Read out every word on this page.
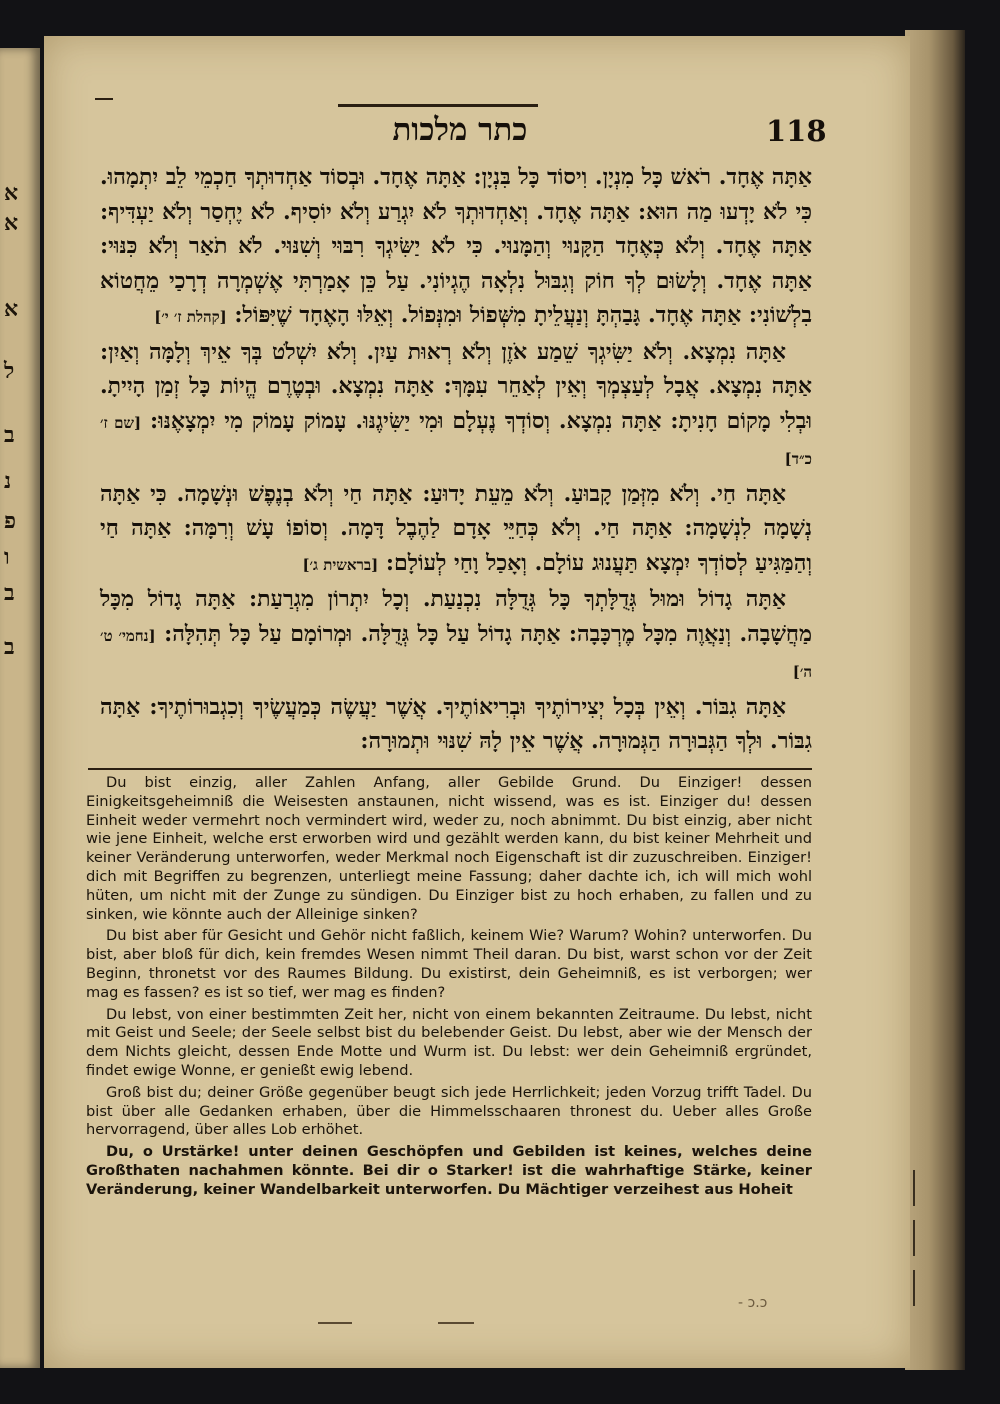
א
א
א
ל
ב
נ
פ
ו
ב
ב
כתר מלכות	118

אַתָּה אֶחָד. רֹאשׁ כָּל מִנְיָן. וִיסוֹד כָּל בִּנְיָן: אַתָּה אֶחָד. וּבְסוֹד אַחְדוּתְךָ חַכְמֵי לֵב יִתְמָהוּ. כִּי לֹא יָדְעוּ מַה הוּא: אַתָּה אֶחָד. וְאַחְדוּתְךָ לֹא יִגְרַע וְלֹא יוֹסִיף. לֹא יֶחְסַר וְלֹא יַעְדִּיף: אַתָּה אֶחָד. וְלֹא כְּאֶחָד הַקָּנוּי וְהַמָּנוּי. כִּי לֹא יַשִּׂיגְךָ רִבּוּי וְשִׁנּוּי. לֹא תֹאַר וְלֹא כִּנּוּי: אַתָּה אֶחָד. וְלָשׂוּם לְךָ חוֹק וְגִבּוּל נִלְאָה הֶגְיוֹנִי. עַל כֵּן אָמַרְתִּי אֶשְׁמְרָה דְרָכַי מֵחֲטוֹא בִלְשׁוֹנִי: אַתָּה אֶחָד. גָּבַהְתָּ וְנַעֲלֵיתָ מִשְּׁפוֹל וּמִנְּפוֹל. וְאֵלּוּ הָאֶחָד שֶׁיִּפּוֹל: [קהלת ז׳ י׳]

אַתָּה נִמְצָא. וְלֹא יַשִּׂיגְךָ שֵׁמַע אֹזֶן וְלֹא רְאוּת עַיִן. וְלֹא יִשְׁלֹט בְּךָ אֵיךְ וְלָמָּה וְאַיִן: אַתָּה נִמְצָא. אֲבָל לְעַצְמְךָ וְאֵין לְאַחֵר עִמָּךְ: אַתָּה נִמְצָא. וּבְטֶרֶם הֱיוֹת כָּל זְמַן הָיִיתָ. וּבְלִי מָקוֹם חָנִיתָ: אַתָּה נִמְצָא. וְסוֹדְךָ נֶעְלָם וּמִי יַשִּׂיגֶנּוּ. עָמוֹק עָמוֹק מִי יִמְצָאֶנּוּ: [שם ז׳ כ״ד]

אַתָּה חַי. וְלֹא מִזְּמַן קָבוּעַ. וְלֹא מֵעֵת יָדוּעַ: אַתָּה חַי וְלֹא בְנֶפֶשׁ וּנְשָׁמָה. כִּי אַתָּה נְשָׁמָה לִנְשָׁמָה: אַתָּה חַי. וְלֹא כְּחַיֵּי אָדָם לַהֶבֶל דָּמָה. וְסוֹפוֹ עָשׁ וְרִמָּה: אַתָּה חַי וְהַמַּגִּיעַ לְסוֹדְךָ יִמְצָא תַּעֲנוּג עוֹלָם. וְאָכַל וָחַי לְעוֹלָם: [בראשית ג׳]

אַתָּה גָדוֹל וּמוּל גְּדֻלָּתְךָ כָּל גְּדֻלָּה נִכְנַעַת. וְכָל יִתְרוֹן מִגְרַעַת: אַתָּה גָדוֹל מִכָּל מַחֲשָׁבָה. וְנַאֲוֶה מִכָּל מֶרְכָּבָה: אַתָּה גָדוֹל עַל כָּל גְּדֻלָּה. וּמְרוֹמָם עַל כָּל תְּהִלָּה: [נחמי׳ ט׳ ה׳]

אַתָּה גִבּוֹר. וְאֵין בְּכָל יְצִירוֹתֶיךָ וּבְרִיאוֹתֶיךָ. אֲשֶׁר יַעֲשֶׂה כְּמַעֲשֶׂיךָ וְכִגְבוּרוֹתֶיךָ: אַתָּה גִבּוֹר. וּלְךָ הַגְּבוּרָה הַגְּמוּרָה. אֲשֶׁר אֵין לָהּ שִׁנּוּי וּתְמוּרָה:

Du bist einzig, aller Zahlen Anfang, aller Gebilde Grund. Du Einziger! dessen Einigkeitsgeheimniß die Weisesten anstaunen, nicht wissend, was es ist. Einziger du! dessen Einheit weder vermehrt noch vermindert wird, weder zu, noch abnimmt. Du bist einzig, aber nicht wie jene Einheit, welche erst erworben wird und gezählt werden kann, du bist keiner Mehrheit und keiner Veränderung unterworfen, weder Merkmal noch Eigenschaft ist dir zuzuschreiben. Einziger! dich mit Begriffen zu begrenzen, unterliegt meine Fassung; daher dachte ich, ich will mich wohl hüten, um nicht mit der Zunge zu sündigen. Du Einziger bist zu hoch erhaben, zu fallen und zu sinken, wie könnte auch der Alleinige sinken?

Du bist aber für Gesicht und Gehör nicht faßlich, keinem Wie? Warum? Wohin? unterworfen. Du bist, aber bloß für dich, kein fremdes Wesen nimmt Theil daran. Du bist, warst schon vor der Zeit Beginn, thronetst vor des Raumes Bildung. Du existirst, dein Geheimniß, es ist verborgen; wer mag es fassen? es ist so tief, wer mag es finden?

Du lebst, von einer bestimmten Zeit her, nicht von einem bekannten Zeitraume. Du lebst, nicht mit Geist und Seele; der Seele selbst bist du belebender Geist. Du lebst, aber wie der Mensch der dem Nichts gleicht, dessen Ende Motte und Wurm ist. Du lebst: wer dein Geheimniß ergründet, findet ewige Wonne, er genießt ewig lebend.

Groß bist du; deiner Größe gegenüber beugt sich jede Herrlichkeit; jeden Vorzug trifft Tadel. Du bist über alle Gedanken erhaben, über die Himmelsschaaren thronest du. Ueber alles Große hervorragend, über alles Lob erhöhet.

Du, o Urstärke! unter deinen Geschöpfen und Gebilden ist keines, welches deine Großthaten nachahmen könnte. Bei dir o Starker! ist die wahrhaftige Stärke, keiner Veränderung, keiner Wandelbarkeit unterworfen. Du Mächtiger verzeihest aus Hoheit

- ↄ.ↄ
